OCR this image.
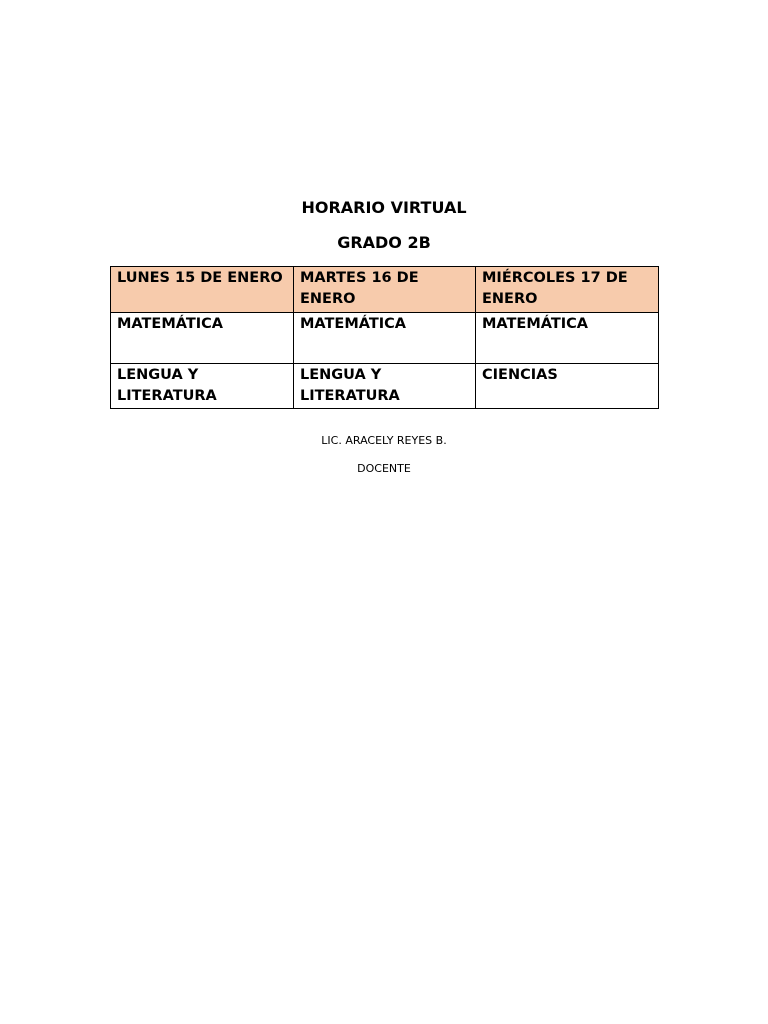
HORARIO VIRTUAL
GRADO 2B
LUNES 15 DE ENERO	MARTES 16 DE ENERO	MIÉRCOLES 17 DE ENERO
MATEMÁTICA	MATEMÁTICA	MATEMÁTICA
LENGUA Y LITERATURA	LENGUA Y LITERATURA	CIENCIAS
LIC. ARACELY REYES B.
DOCENTE
